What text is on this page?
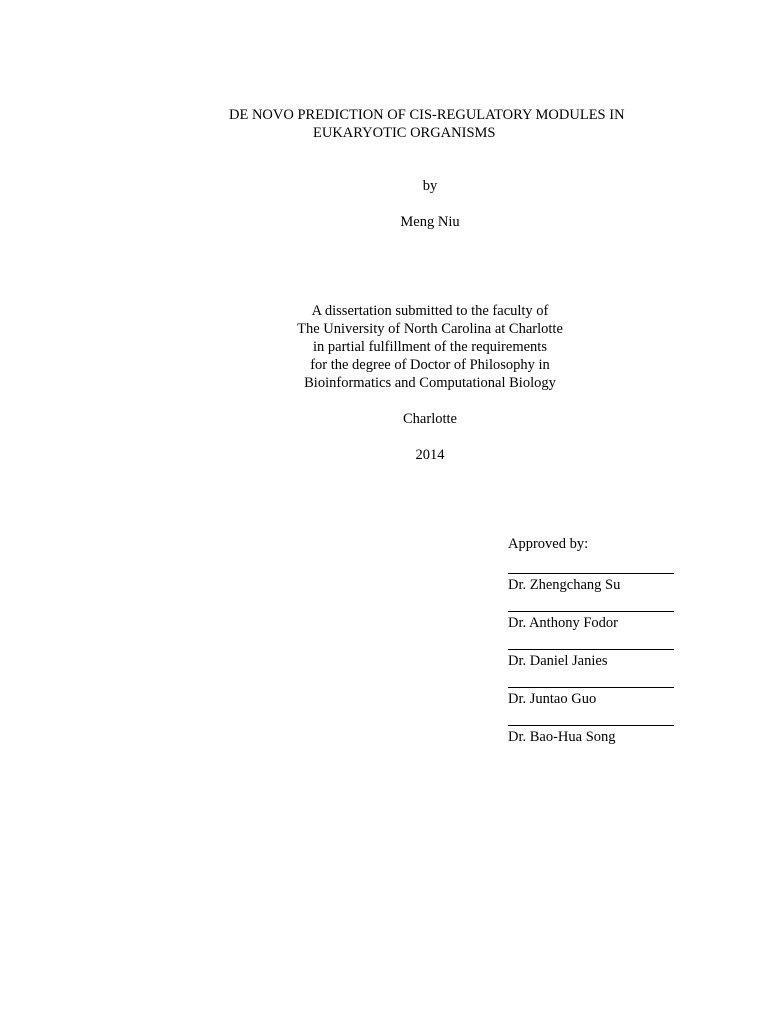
DE NOVO PREDICTION OF CIS-REGULATORY MODULES IN
EUKARYOTIC ORGANISMS
by
Meng Niu
A dissertation submitted to the faculty of
The University of North Carolina at Charlotte
in partial fulfillment of the requirements
for the degree of Doctor of Philosophy in
Bioinformatics and Computational Biology
Charlotte
2014
Approved by:
Dr. Zhengchang Su
Dr. Anthony Fodor
Dr. Daniel Janies
Dr. Juntao Guo
Dr. Bao-Hua Song
